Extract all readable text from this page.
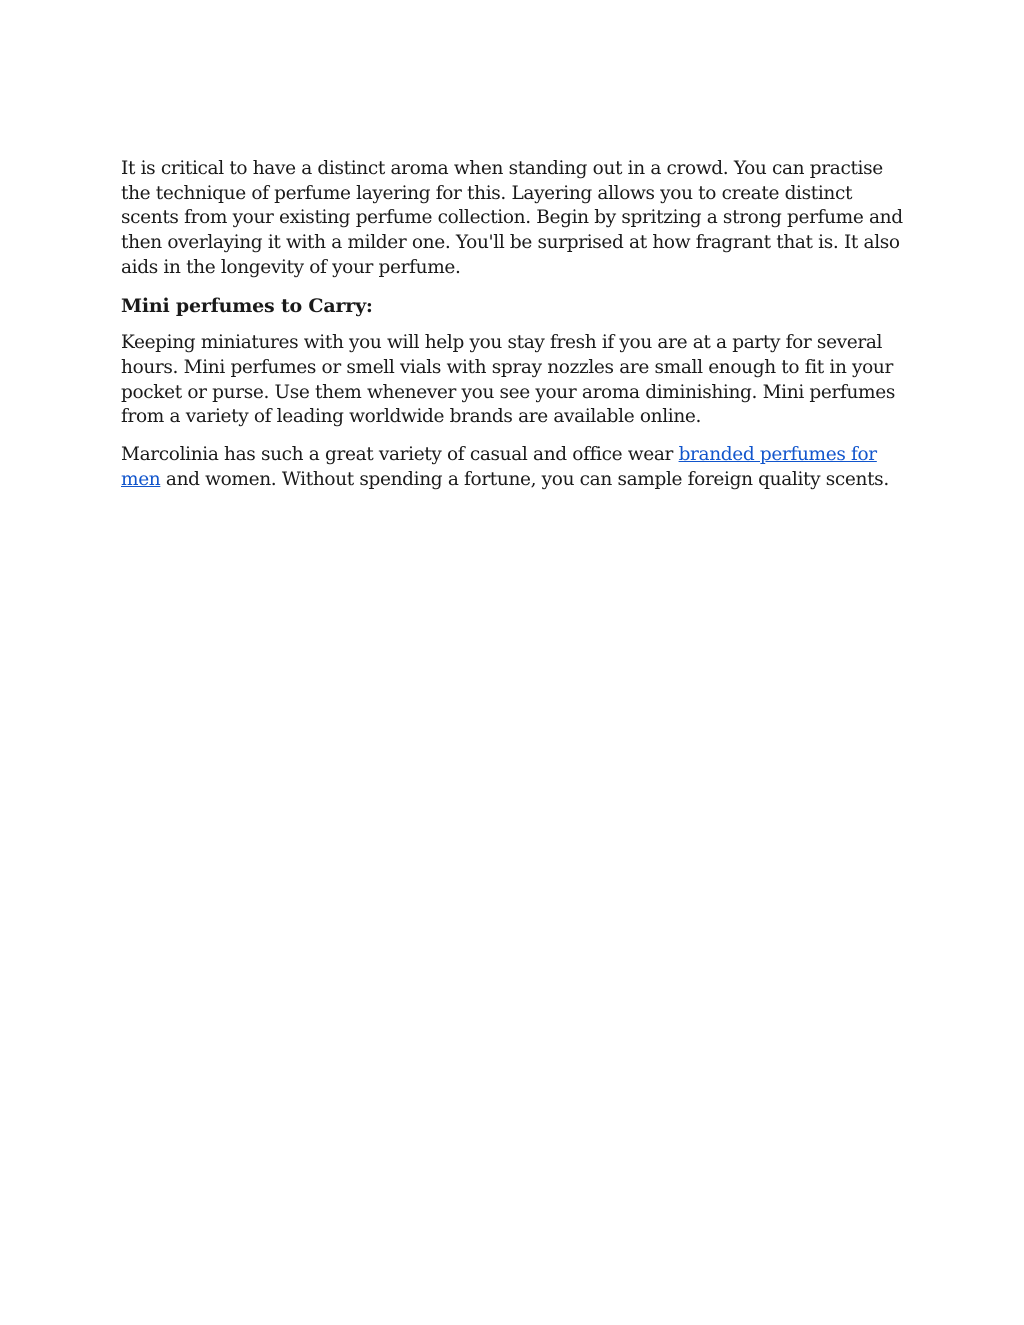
It is critical to have a distinct aroma when standing out in a crowd. You can practise the technique of perfume layering for this. Layering allows you to create distinct scents from your existing perfume collection. Begin by spritzing a strong perfume and then overlaying it with a milder one. You'll be surprised at how fragrant that is. It also aids in the longevity of your perfume.

Mini perfumes to Carry:

Keeping miniatures with you will help you stay fresh if you are at a party for several hours. Mini perfumes or smell vials with spray nozzles are small enough to fit in your pocket or purse. Use them whenever you see your aroma diminishing. Mini perfumes from a variety of leading worldwide brands are available online.

Marcolinia has such a great variety of casual and office wear branded perfumes for men and women. Without spending a fortune, you can sample foreign quality scents.
